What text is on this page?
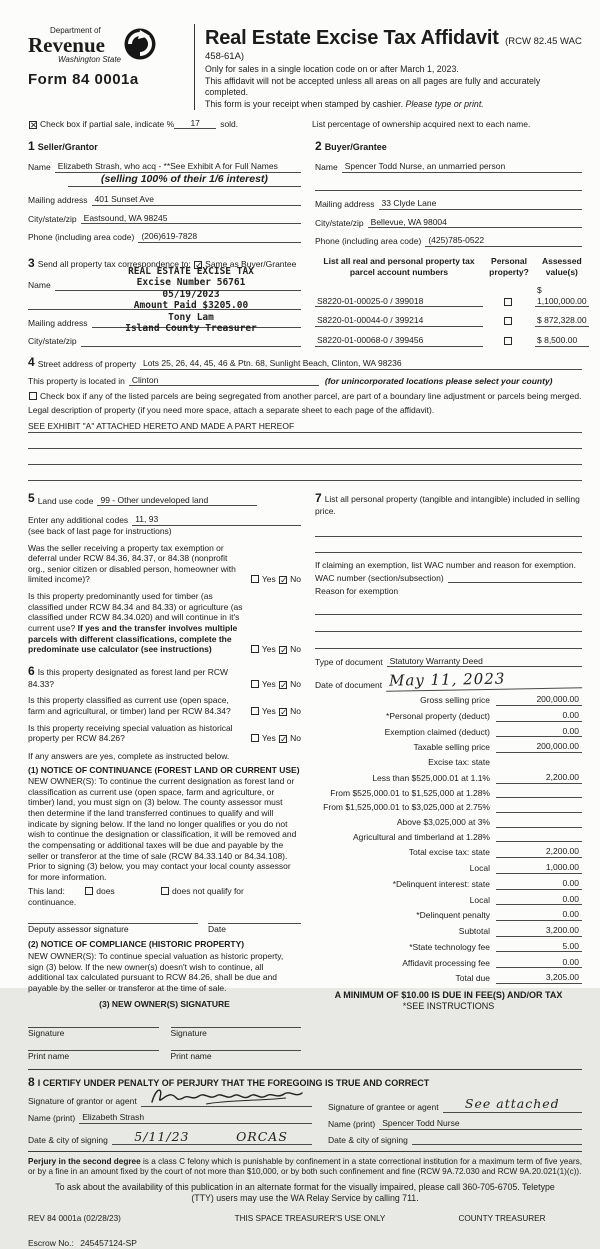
Department of
Revenue
Washington State
Form 84 0001a
Real Estate Excise Tax Affidavit (RCW 82.45 WAC 458-61A)
Only for sales in a single location code on or after March 1, 2023.
This affidavit will not be accepted unless all areas on all pages are fully and accurately completed.
This form is your receipt when stamped by cashier. Please type or print.
✕
Check box if partial sale, indicate %	17	sold.	List percentage of ownership acquired next to each name.
1 Seller/Grantor
Name Elizabeth Strash, who acq - **See Exhibit A for Full Names
(selling 100% of their 1/6 interest)
Mailing address 401 Sunset Ave
City/state/zip Eastsound, WA 98245
Phone (including area code) (206)619-7828
2 Buyer/Grantee
Name Spencer Todd Nurse, an unmarried person
Mailing address 33 Clyde Lane
City/state/zip Bellevue, WA 98004
Phone (including area code) (425)785-0522
3 Send all property tax correspondence to: ✓ Same as Buyer/Grantee
Name
Mailing address
City/state/zip
REAL ESTATE EXCISE TAX
Excise Number 56761
05/19/2023
Amount Paid $3205.00
Tony Lam
Island County Treasurer
List all real and personal property tax
parcel account numbers
Personal
property?
Assessed
value(s)
S8220-01-00025-0 / 399018
$ 1,100,000.00
S8220-01-00044-0 / 399214	$ 872,328.00
S8220-01-00068-0 / 399456	$ 8,500.00
4 Street address of property Lots 25, 26, 44, 45, 46 & Ptn. 68, Sunlight Beach, Clinton, WA 98236
This property is located in Clinton	(for unincorporated locations please select your county)
Check box if any of the listed parcels are being segregated from another parcel, are part of a boundary line adjustment or parcels being merged.
Legal description of property (if you need more space, attach a separate sheet to each page of the affidavit).
SEE EXHIBIT "A" ATTACHED HERETO AND MADE A PART HEREOF
5 Land use code 99 - Other undeveloped land
Enter any additional codes 11, 93
(see back of last page for instructions)
Was the seller receiving a property tax exemption or deferral under RCW 84.36, 84.37, or 84.38 (nonprofit org., senior citizen or disabled person, homeowner with limited income)?	Yes ✓ No
Is this property predominantly used for timber (as classified under RCW 84.34 and 84.33) or agriculture (as classified under RCW 84.34.020) and will continue in it's current use? If yes and the transfer involves multiple parcels with different classifications, complete the predominate use calculator (see instructions)	Yes ✓ No
6 Is this property designated as forest land per RCW 84.33?	Yes ✓ No
Is this property classified as current use (open space, farm and agricultural, or timber) land per RCW 84.34?	Yes ✓ No
Is this property receiving special valuation as historical property per RCW 84.26?	Yes ✓ No
If any answers are yes, complete as instructed below.
(1) NOTICE OF CONTINUANCE (FOREST LAND OR CURRENT USE)
NEW OWNER(S): To continue the current designation as forest land or classification as current use (open space, farm and agriculture, or timber) land, you must sign on (3) below. The county assessor must then determine if the land transferred continues to qualify and will indicate by signing below. If the land no longer qualifies or you do not wish to continue the designation or classification, it will be removed and the compensating or additional taxes will be due and payable by the seller or transferor at the time of sale (RCW 84.33.140 or 84.34.108). Prior to signing (3) below, you may contact your local county assessor for more information.
This land:	does	does not qualify for
continuance.
Deputy assessor signature	Date
(2) NOTICE OF COMPLIANCE (HISTORIC PROPERTY)
NEW OWNER(S): To continue special valuation as historic property, sign (3) below. If the new owner(s) doesn't wish to continue, all additional tax calculated pursuant to RCW 84.26, shall be due and payable by the seller or transferor at the time of sale.
(3) NEW OWNER(S) SIGNATURE
Signature	Signature
Print name	Print name
7 List all personal property (tangible and intangible) included in selling price.
If claiming an exemption, list WAC number and reason for exemption.
WAC number (section/subsection)
Reason for exemption
Type of document Statutory Warranty Deed
Date of document May 11, 2023
Gross selling price	200,000.00
*Personal property (deduct)	0.00
Exemption claimed (deduct)	0.00
Taxable selling price	200,000.00
Excise tax: state
Less than $525,000.01 at 1.1%	2,200.00
From $525,000.01 to $1,525,000 at 1.28%
From $1,525,000.01 to $3,025,000 at 2.75%
Above $3,025,000 at 3%
Agricultural and timberland at 1.28%
Total excise tax: state	2,200.00
Local	1,000.00
*Delinquent interest: state	0.00
Local	0.00
*Delinquent penalty	0.00
Subtotal	3,200.00
*State technology fee	5.00
Affidavit processing fee	0.00
Total due	3,205.00
A MINIMUM OF $10.00 IS DUE IN FEE(S) AND/OR TAX
*SEE INSTRUCTIONS
8 I CERTIFY UNDER PENALTY OF PERJURY THAT THE FOREGOING IS TRUE AND CORRECT
Signature of grantor or agent
Name (print) Elizabeth Strash
Date & city of signing	5/11/23	ORCAS
Signature of grantee or agent	See attached
Name (print) Spencer Todd Nurse
Date & city of signing
Perjury in the second degree is a class C felony which is punishable by confinement in a state correctional institution for a maximum term of five years, or by a fine in an amount fixed by the court of not more than $10,000, or by both such confinement and fine (RCW 9A.72.030 and RCW 9A.20.021(1)(c)).
To ask about the availability of this publication in an alternate format for the visually impaired, please call 360-705-6705. Teletype (TTY) users may use the WA Relay Service by calling 711.
REV 84 0001a (02/28/23)	THIS SPACE TREASURER'S USE ONLY	COUNTY TREASURER
Escrow No.: 245457124-SP
